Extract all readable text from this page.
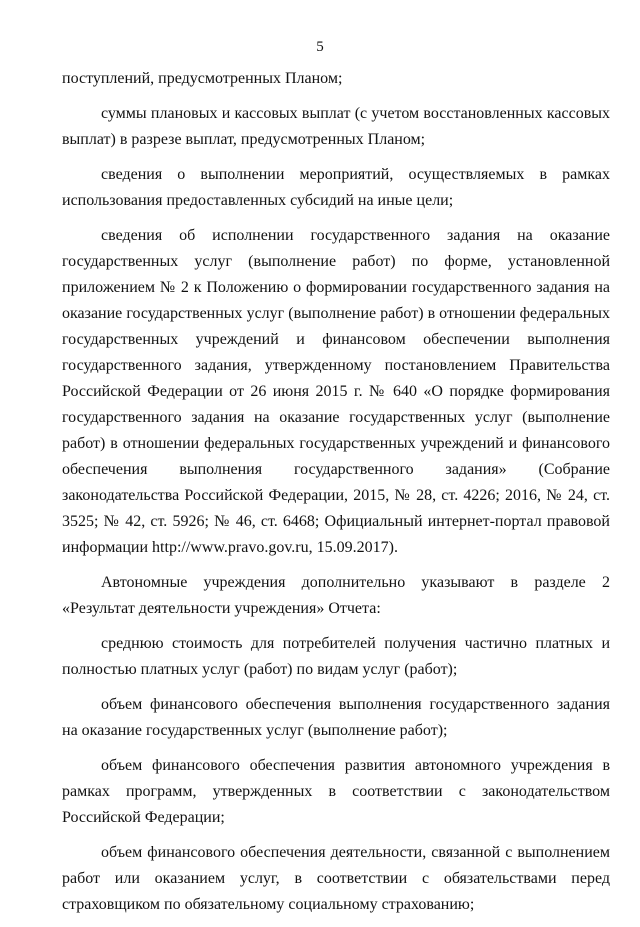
5

поступлений, предусмотренных Планом;

суммы плановых и кассовых выплат (с учетом восстановленных кассовых выплат) в разрезе выплат, предусмотренных Планом;

сведения о выполнении мероприятий, осуществляемых в рамках использования предоставленных субсидий на иные цели;

сведения об исполнении государственного задания на оказание государственных услуг (выполнение работ) по форме, установленной приложением № 2 к Положению о формировании государственного задания на оказание государственных услуг (выполнение работ) в отношении федеральных государственных учреждений и финансовом обеспечении выполнения государственного задания, утвержденному постановлением Правительства Российской Федерации от 26 июня 2015 г. № 640 «О порядке формирования государственного задания на оказание государственных услуг (выполнение работ) в отношении федеральных государственных учреждений и финансового обеспечения выполнения государственного задания» (Собрание законодательства Российской Федерации, 2015, № 28, ст. 4226; 2016, № 24, ст. 3525; № 42, ст. 5926; № 46, ст. 6468; Официальный интернет-портал правовой информации http://www.pravo.gov.ru, 15.09.2017).

Автономные учреждения дополнительно указывают в разделе 2 «Результат деятельности учреждения» Отчета:

среднюю стоимость для потребителей получения частично платных и полностью платных услуг (работ) по видам услуг (работ);

объем финансового обеспечения выполнения государственного задания на оказание государственных услуг (выполнение работ);

объем финансового обеспечения развития автономного учреждения в рамках программ, утвержденных в соответствии с законодательством Российской Федерации;

объем финансового обеспечения деятельности, связанной с выполнением работ или оказанием услуг, в соответствии с обязательствами перед страховщиком по обязательному социальному страхованию;
